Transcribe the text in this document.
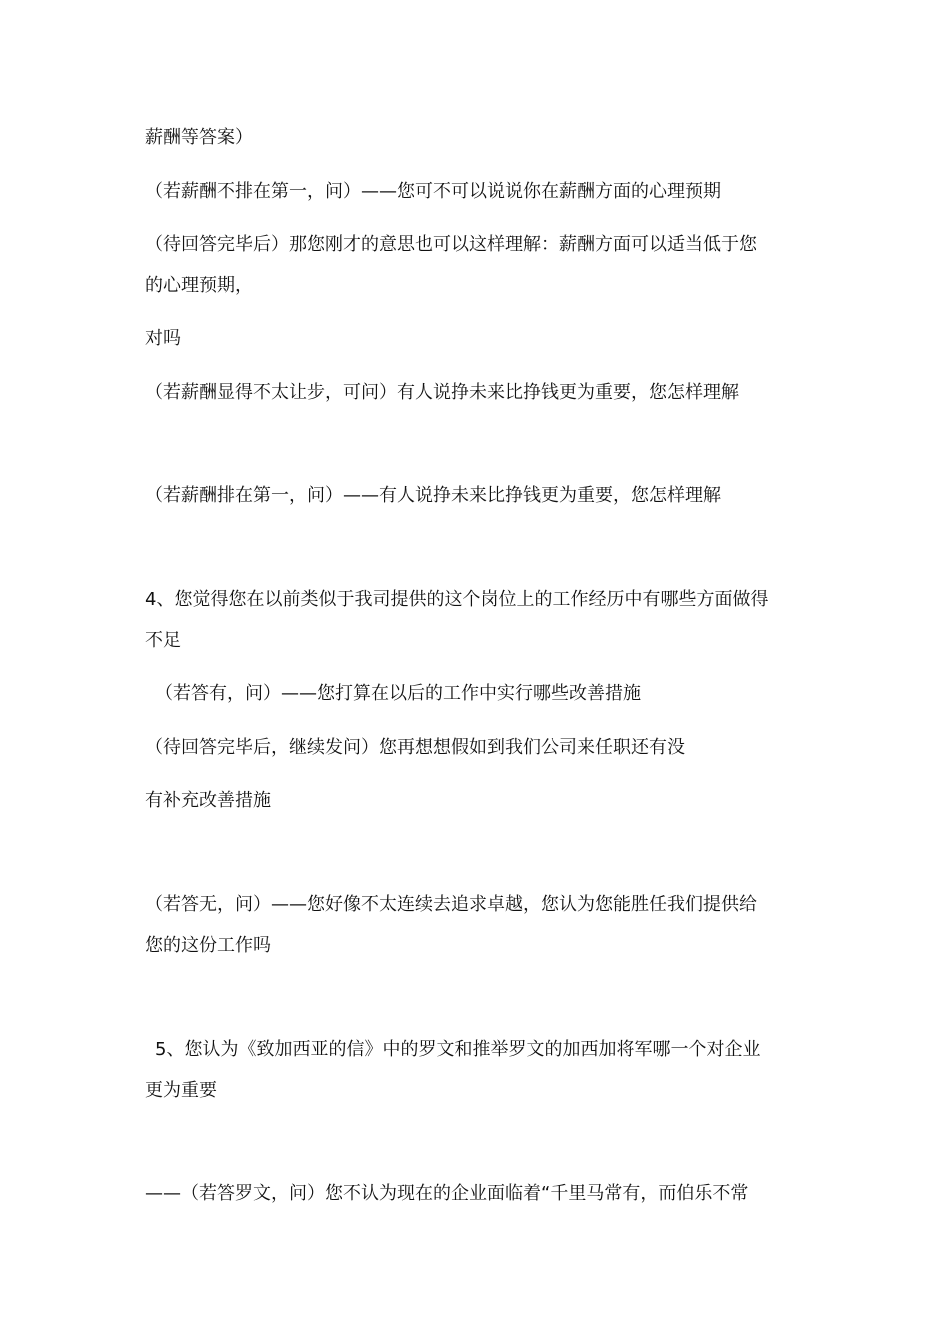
薪酬等答案）
（若薪酬不排在第一，问）——您可不可以说说你在薪酬方面的心理预期
（待回答完毕后）那您刚才的意思也可以这样理解：薪酬方面可以适当低于您
的心理预期，
对吗
（若薪酬显得不太让步，可问）有人说挣未来比挣钱更为重要，您怎样理解
（若薪酬排在第一，问）——有人说挣未来比挣钱更为重要，您怎样理解
4、您觉得您在以前类似于我司提供的这个岗位上的工作经历中有哪些方面做得
不足
（若答有，问）——您打算在以后的工作中实行哪些改善措施
（待回答完毕后，继续发问）您再想想假如到我们公司来任职还有没
有补充改善措施
（若答无，问）——您好像不太连续去追求卓越，您认为您能胜任我们提供给
您的这份工作吗
5、您认为《致加西亚的信》中的罗文和推举罗文的加西加将军哪一个对企业
更为重要
——（若答罗文，问）您不认为现在的企业面临着“千里马常有，而伯乐不常
